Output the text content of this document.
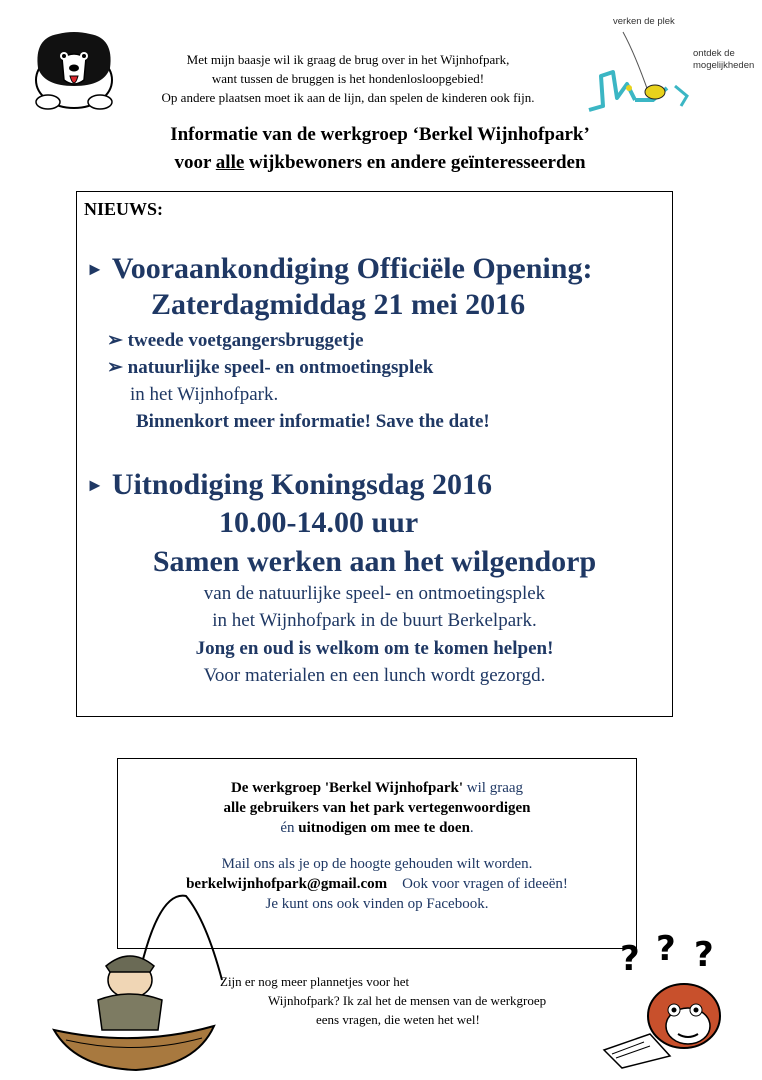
Met mijn baasje wil ik graag de brug over in het Wijnhofpark,
want tussen de bruggen is het hondenlosloopgebied!
Op andere plaatsen moet ik aan de lijn, dan spelen de kinderen ook fijn.
verken de plek
ontdek de
mogelijkheden
Informatie van de werkgroep ‘Berkel Wijnhofpark’
voor alle wijkbewoners en andere geïnteresseerden
NIEUWS:
► Vooraankondiging Officiële Opening:
Zaterdagmiddag 21 mei 2016
➢ tweede voetgangersbruggetje
➢ natuurlijke speel- en ontmoetingsplek
in het Wijnhofpark.
Binnenkort meer informatie! Save the date!
► Uitnodiging Koningsdag 2016
10.00-14.00 uur
Samen werken aan het wilgendorp
van de natuurlijke speel- en ontmoetingsplek
in het Wijnhofpark in de buurt Berkelpark.
Jong en oud is welkom om te komen helpen!
Voor materialen en een lunch wordt gezorgd.
De werkgroep 'Berkel Wijnhofpark' wil graag
alle gebruikers van het park vertegenwoordigen
én uitnodigen om mee te doen.
Mail ons als je op de hoogte gehouden wilt worden.
berkelwijnhofpark@gmail.com Ook voor vragen of ideeën!
Je kunt ons ook vinden op Facebook.
Zijn er nog meer plannetjes voor het
Wijnhofpark? Ik zal het de mensen van de werkgroep
eens vragen, die weten het wel!
? ? ?
